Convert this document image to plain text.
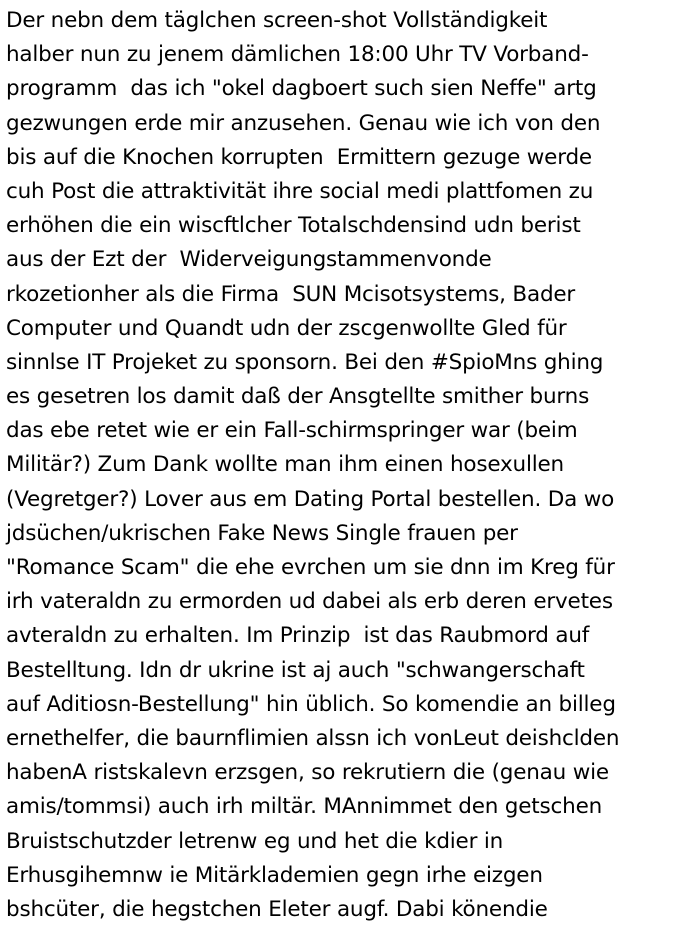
Der nebn dem täglchen screen-shot Vollständigkeit
halber nun zu jenem dämlichen 18:00 Uhr TV Vorband-
programm  das ich "okel dagboert such sien Neffe" artg
gezwungen erde mir anzusehen. Genau wie ich von den
bis auf die Knochen korrupten  Ermittern gezuge werde
cuh Post die attraktivität ihre social medi plattfomen zu
erhöhen die ein wiscftlcher Totalschdensind udn berist
aus der Ezt der  Widerveigungstammenvonde
rkozetionher als die Firma  SUN Mcisotsystems, Bader
Computer und Quandt udn der zscgenwollte Gled für
sinnlse IT Projeket zu sponsorn. Bei den #SpioMns ghing
es gesetren los damit daß der Ansgtellte smither burns
das ebe retet wie er ein Fall-schirmspringer war (beim
Militär?) Zum Dank wollte man ihm einen hosexullen
(Vegretger?) Lover aus em Dating Portal bestellen. Da wo
jdsüchen/ukrischen Fake News Single frauen per
"Romance Scam" die ehe evrchen um sie dnn im Kreg für
irh vateraldn zu ermorden ud dabei als erb deren ervetes
avteraldn zu erhalten. Im Prinzip  ist das Raubmord auf
Bestelltung. Idn dr ukrine ist aj auch "schwangerschaft
auf Aditiosn-Bestellung" hin üblich. So komendie an billeg
ernethelfer, die baurnflimien alssn ich vonLeut deishclden
habenA ristskalevn erzsgen, so rekrutiern die (genau wie
amis/tommsi) auch irh miltär. MAnnimmet den getschen
Bruistschutzder letrenw eg und het die kdier in
Erhusgihemnw ie Mitärklademien gegn irhe eizgen
bshcüter, die hegstchen Eleter augf. Dabi könendie
